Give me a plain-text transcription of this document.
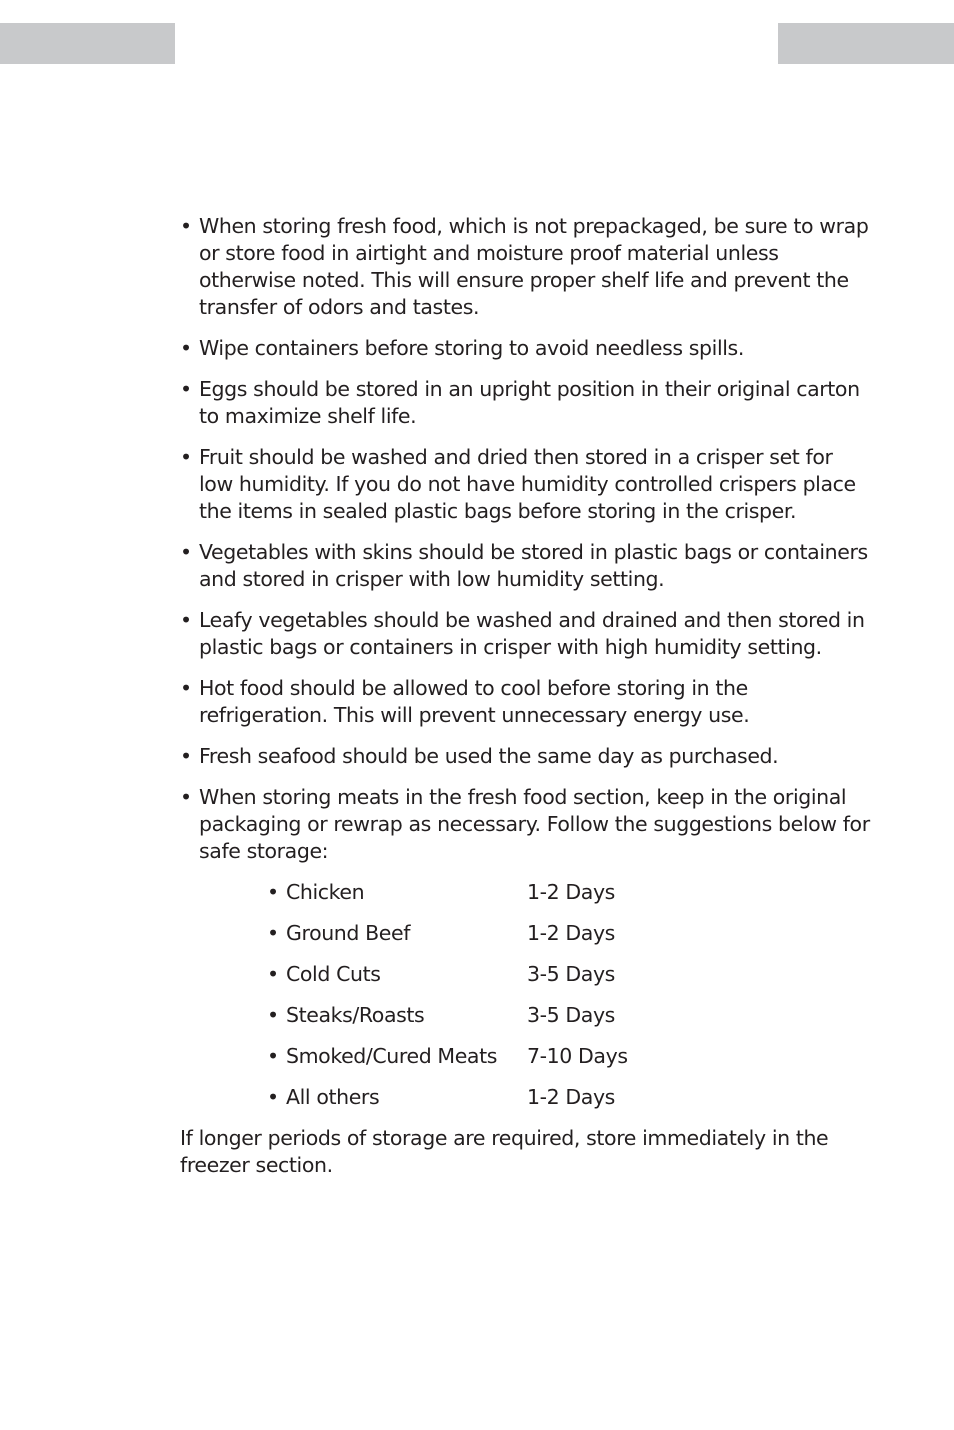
• When storing fresh food, which is not prepackaged, be sure to wrap or store food in airtight and moisture proof material unless otherwise noted. This will ensure proper shelf life and prevent the transfer of odors and tastes.

• Wipe containers before storing to avoid needless spills.

• Eggs should be stored in an upright position in their original carton to maximize shelf life.

• Fruit should be washed and dried then stored in a crisper set for low humidity. If you do not have humidity controlled crispers place the items in sealed plastic bags before storing in the crisper.

• Vegetables with skins should be stored in plastic bags or containers and stored in crisper with low humidity setting.

• Leafy vegetables should be washed and drained and then stored in plastic bags or containers in crisper with high humidity setting.

• Hot food should be allowed to cool before storing in the refrigeration. This will prevent unnecessary energy use.

• Fresh seafood should be used the same day as purchased.

• When storing meats in the fresh food section, keep in the original packaging or rewrap as necessary. Follow the suggestions below for safe storage:

• Chicken	1-2 Days
• Ground Beef	1-2 Days
• Cold Cuts	3-5 Days
• Steaks/Roasts	3-5 Days
• Smoked/Cured Meats 7-10 Days
• All others	1-2 Days

If longer periods of storage are required, store immediately in the freezer section.
